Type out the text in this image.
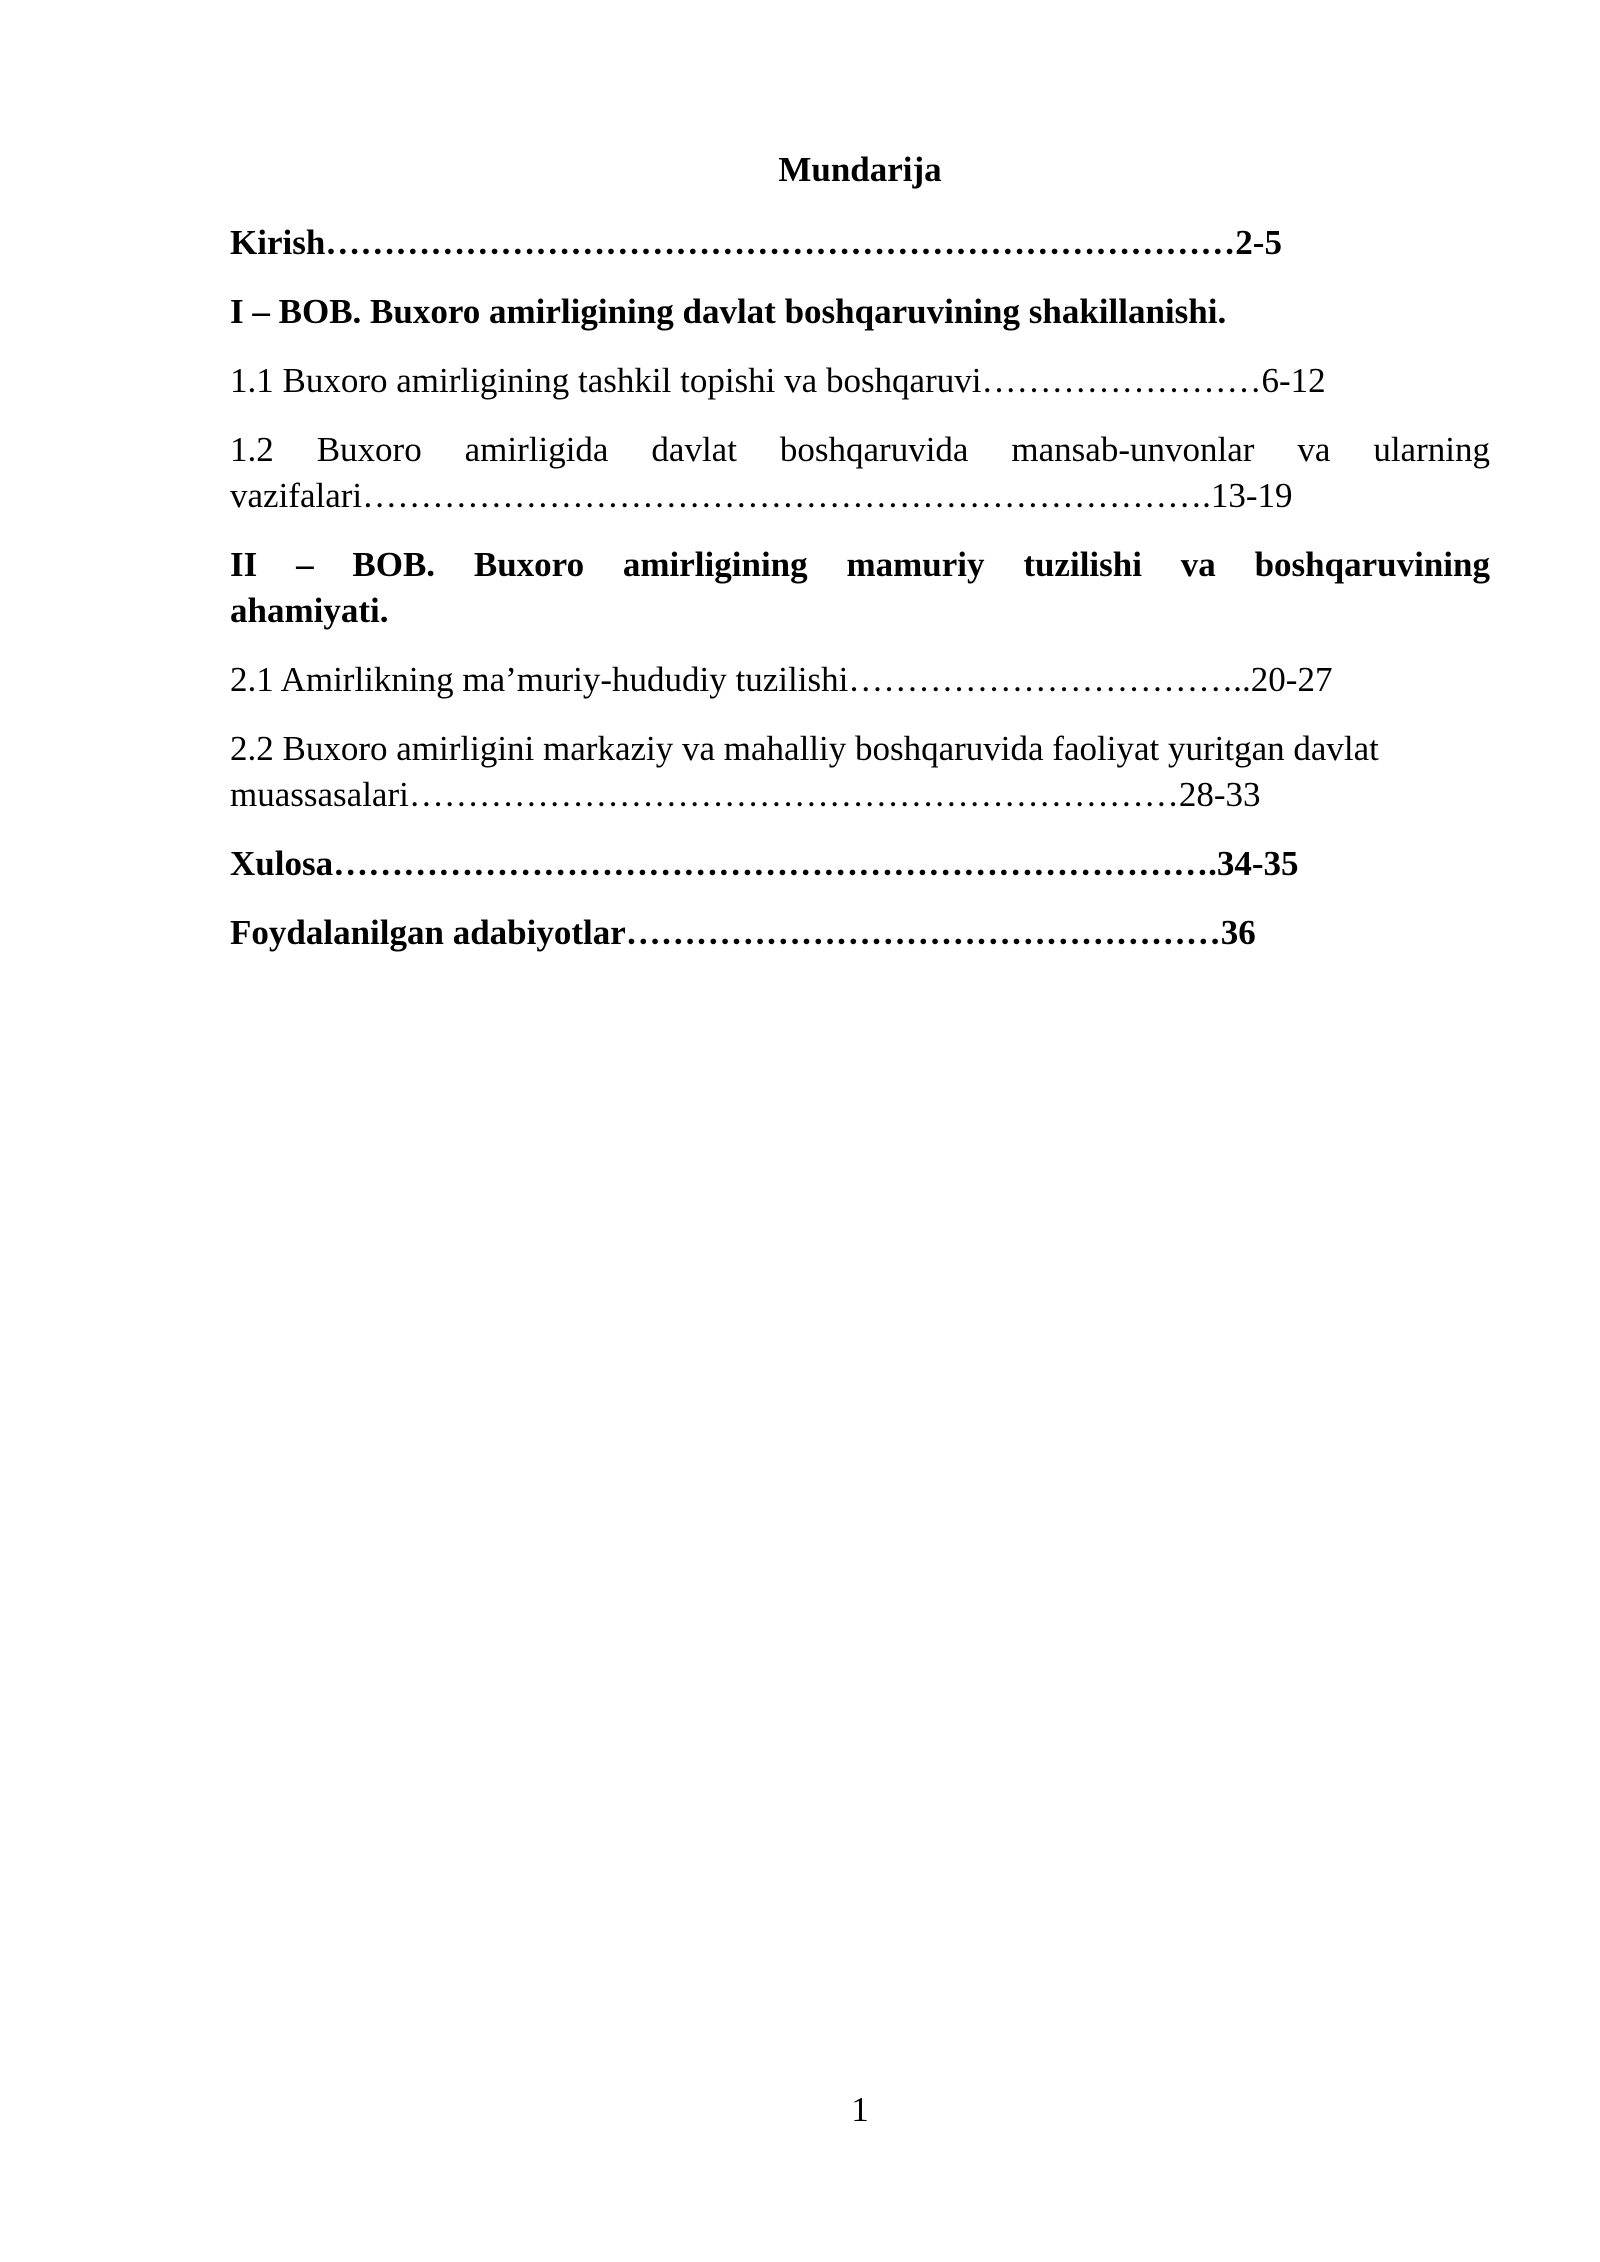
Mundarija
Kirish……………………………………………………………………2-5
I – BOB. Buxoro amirligining davlat boshqaruvining shakillanishi.
1.1 Buxoro amirligining tashkil topishi va boshqaruvi……………………6-12
1.2 Buxoro amirligida davlat boshqaruvida mansab-unvonlar va ularning
vazifalari……………………………………………………………….13-19
II – BOB. Buxoro amirligining mamuriy tuzilishi va boshqaruvining
ahamiyati.
2.1 Amirlikning ma’muriy-hududiy tuzilishi……………………………..20-27
2.2 Buxoro amirligini markaziy va mahalliy boshqaruvida faoliyat yuritgan davlat
muassasalari…………………………………………………………28-33
Xulosa………………………………………………………………….34-35
Foydalanilgan adabiyotlar……………………………………………36
1
